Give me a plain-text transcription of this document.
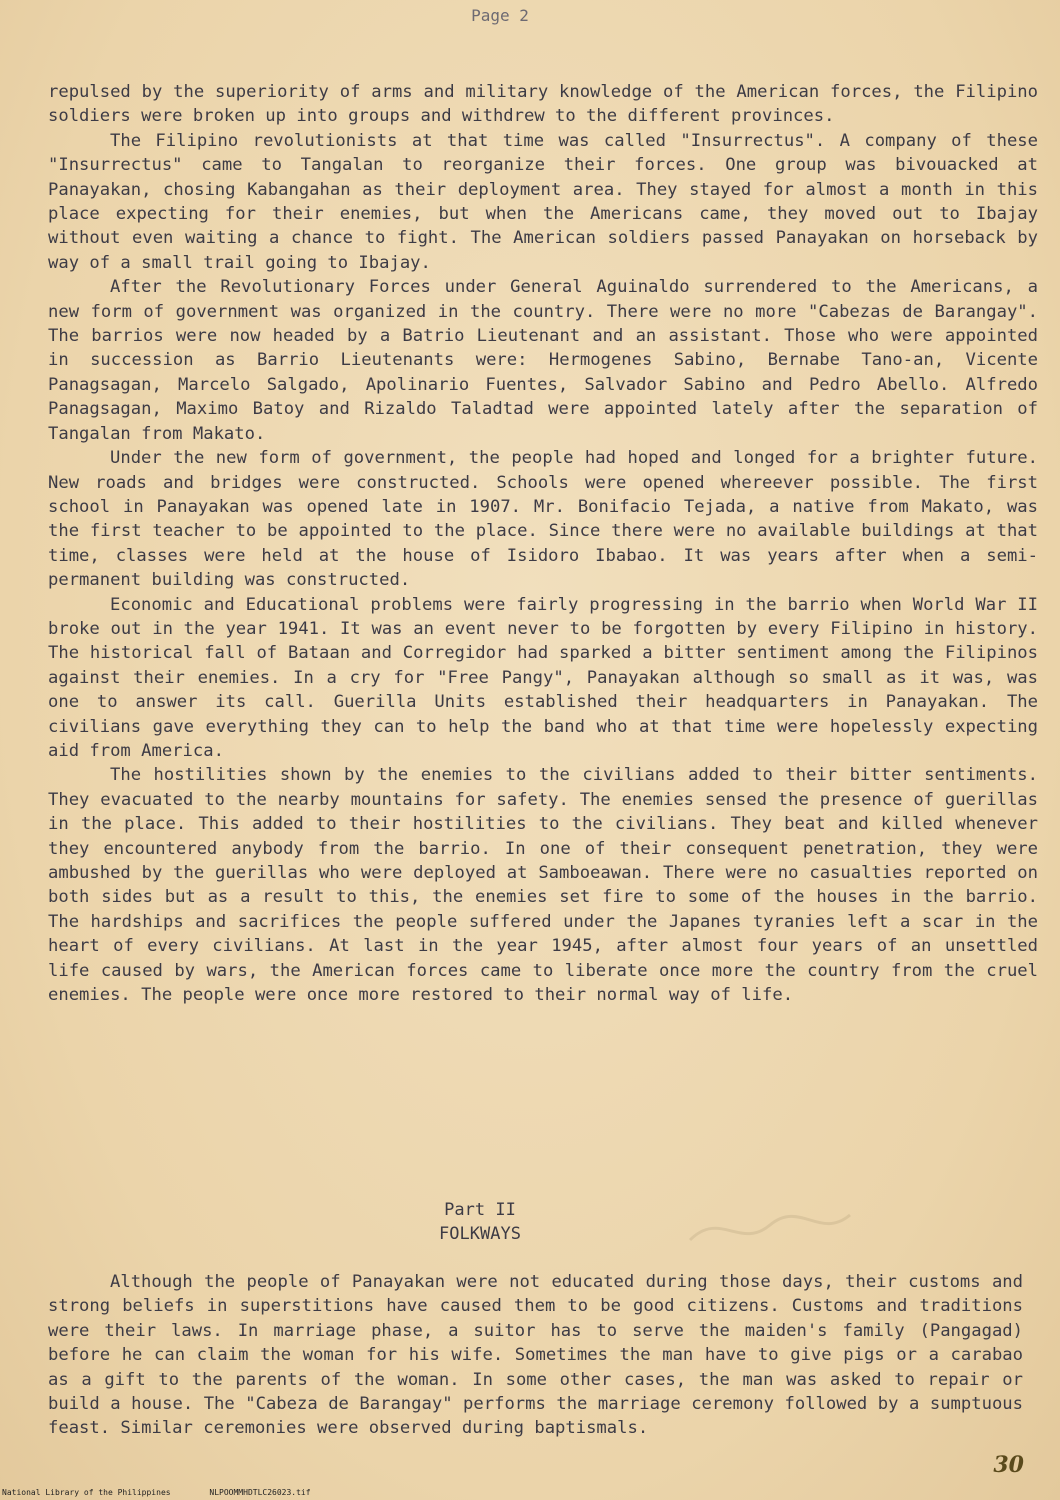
Page 2

repulsed by the superiority of arms and military knowledge of the American forces, the Filipino soldiers were broken up into groups and withdrew to the different provinces.

The Filipino revolutionists at that time was called "Insurrectus". A company of these "Insurrectus" came to Tangalan to reorganize their forces. One group was bivouacked at Panayakan, chosing Kabangahan as their deployment area. They stayed for almost a month in this place expecting for their enemies, but when the Americans came, they moved out to Ibajay without even waiting a chance to fight. The American soldiers passed Panayakan on horseback by way of a small trail going to Ibajay.

After the Revolutionary Forces under General Aguinaldo surrendered to the Americans, a new form of government was organized in the country. There were no more "Cabezas de Barangay". The barrios were now headed by a Batrio Lieutenant and an assistant. Those who were appointed in succession as Barrio Lieutenants were: Hermogenes Sabino, Bernabe Tano-an, Vicente Panagsagan, Marcelo Salgado, Apolinario Fuentes, Salvador Sabino and Pedro Abello. Alfredo Panagsagan, Maximo Batoy and Rizaldo Taladtad were appointed lately after the separation of Tangalan from Makato.

Under the new form of government, the people had hoped and longed for a brighter future. New roads and bridges were constructed. Schools were opened whereever possible. The first school in Panayakan was opened late in 1907. Mr. Bonifacio Tejada, a native from Makato, was the first teacher to be appointed to the place. Since there were no available buildings at that time, classes were held at the house of Isidoro Ibabao. It was years after when a semi-permanent building was constructed.

Economic and Educational problems were fairly progressing in the barrio when World War II broke out in the year 1941. It was an event never to be forgotten by every Filipino in history. The historical fall of Bataan and Corregidor had sparked a bitter sentiment among the Filipinos against their enemies. In a cry for "Free Pangy", Panayakan although so small as it was, was one to answer its call. Guerilla Units established their headquarters in Panayakan. The civilians gave everything they can to help the band who at that time were hopelessly expecting aid from America.

The hostilities shown by the enemies to the civilians added to their bitter sentiments. They evacuated to the nearby mountains for safety. The enemies sensed the presence of guerillas in the place. This added to their hostilities to the civilians. They beat and killed whenever they encountered anybody from the barrio. In one of their consequent penetration, they were ambushed by the guerillas who were deployed at Samboeawan. There were no casualties reported on both sides but as a result to this, the enemies set fire to some of the houses in the barrio. The hardships and sacrifices the people suffered under the Japanes tyranies left a scar in the heart of every civilians. At last in the year 1945, after almost four years of an unsettled life caused by wars, the American forces came to liberate once more the country from the cruel enemies. The people were once more restored to their normal way of life.

Part II
FOLKWAYS

Although the people of Panayakan were not educated during those days, their customs and strong beliefs in superstitions have caused them to be good citizens. Customs and traditions were their laws. In marriage phase, a suitor has to serve the maiden's family (Pangagad) before he can claim the woman for his wife. Sometimes the man have to give pigs or a carabao as a gift to the parents of the woman. In some other cases, the man was asked to repair or build a house. The "Cabeza de Barangay" performs the marriage ceremony followed by a sumptuous feast. Similar ceremonies were observed during baptismals.

30
National Library of the Philippines	NLPOOMMHDTLC26023.tif
